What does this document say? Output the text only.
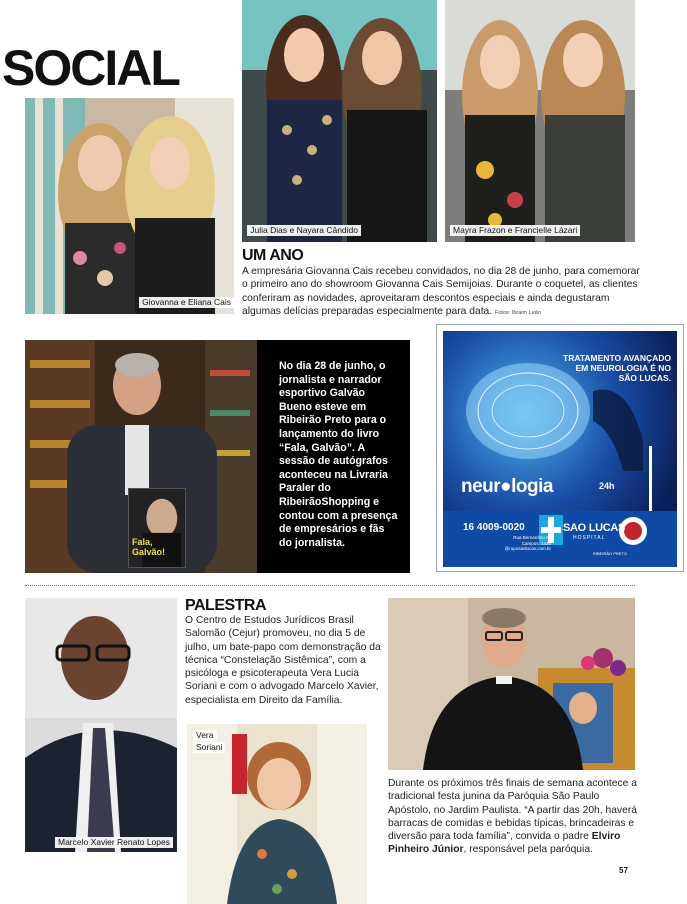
SOCIAL
Giovanna e Eliana Cais
Julia Dias e Nayara Cândido	Mayra Frazon e Francielle Lázari
UM ANO
A empresária Giovanna Cais recebeu convidados, no dia 28 de junho, para comemorar o primeiro ano do showroom Giovanna Cais Semijoias. Durante o coquetel, as clientes conferiram as novidades, aproveitaram descontos especiais e ainda degustaram algumas delícias preparadas especialmente para data. Fotos: Ibraim Leão
Fala, Galvão!
No dia 28 de junho, o jornalista e narrador esportivo Galvão Bueno esteve em Ribeirão Preto para o lançamento do livro “Fala, Galvão”. A sessão de autógrafos aconteceu na Livraria Paraler do RibeirãoShopping e contou com a presença de empresários e fãs do jornalista.
TRATAMENTO AVANÇADO EM NEUROLOGIA É NO SÃO LUCAS.
neur●logia	24h
16 4009-0020
Rua Bernardino de Campos, 1426 @ruposaolucas.com.br
SAO LUCAS
HOSPITAL
RIBEIRÃO PRETO
Marcelo Xavier Renato Lopes
PALESTRA
O Centro de Estudos Jurídicos Brasil Salomão (Cejur) promoveu, no dia 5 de julho, um bate-papo com demonstração da técnica “Constelação Sistêmica”, com a psicóloga e psicoterapeuta Vera Lucia Soriani e com o advogado Marcelo Xavier, especialista em Direito da Família.
Vera
Soriani
Durante os próximos três finais de semana acontece a tradicional festa junina da Paróquia São Paulo Apóstolo, no Jardim Paulista. “A partir das 20h, haverá barracas de comidas e bebidas típicas, brincadeiras e diversão para toda família”, convida o padre Elviro Pinheiro Júnior, responsável pela paróquia.
57
